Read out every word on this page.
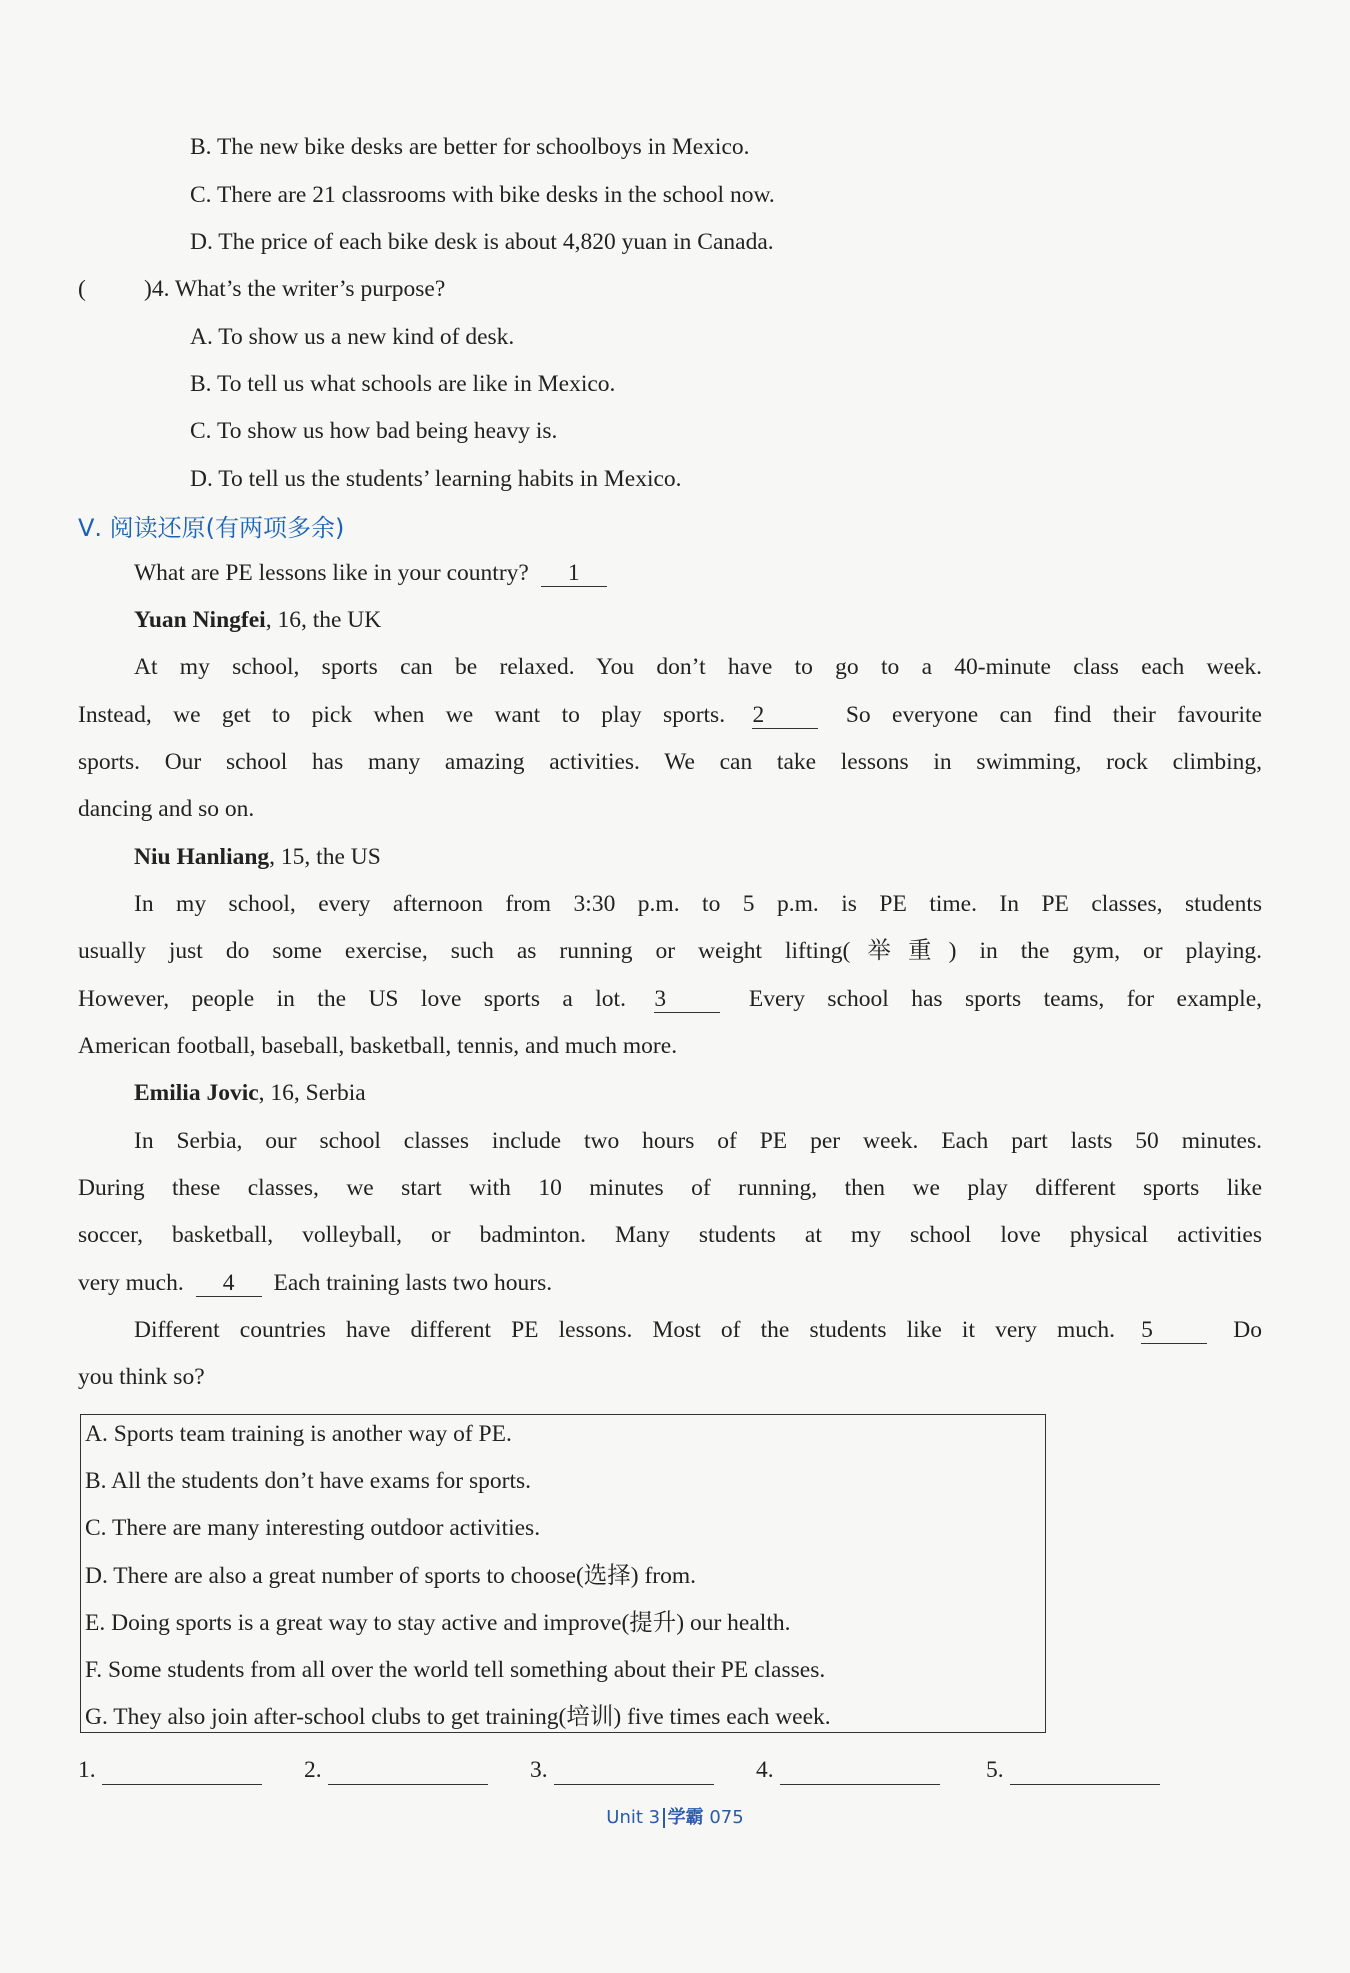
B. The new bike desks are better for schoolboys in Mexico.
C. There are 21 classrooms with bike desks in the school now.
D. The price of each bike desk is about 4,820 yuan in Canada.
( )4. What’s the writer’s purpose?
A. To show us a new kind of desk.
B. To tell us what schools are like in Mexico.
C. To show us how bad being heavy is.
D. To tell us the students’ learning habits in Mexico.
Ⅴ. 阅读还原(有两项多余)
What are PE lessons like in your country? 1
Yuan Ningfei, 16, the UK
At my school, sports can be relaxed. You don’t have to go to a 40-minute class each week.
Instead, we get to pick when we want to play sports. 2	So everyone can find their favourite
sports. Our school has many amazing activities. We can take lessons in swimming, rock climbing,
dancing and so on.
Niu Hanliang, 15, the US
In my school, every afternoon from 3:30 p.m. to 5 p.m. is PE time. In PE classes, students
usually just do some exercise, such as running or weight lifting(举重) in the gym, or playing.
However, people in the US love sports a lot. 3	Every school has sports teams, for example,
American football, baseball, basketball, tennis, and much more.
Emilia Jovic, 16, Serbia
In Serbia, our school classes include two hours of PE per week. Each part lasts 50 minutes.
During these classes, we start with 10 minutes of running, then we play different sports like
soccer, basketball, volleyball, or badminton. Many students at my school love physical activities
very much. 4 Each training lasts two hours.
Different countries have different PE lessons. Most of the students like it very much. 5	Do
you think so?
A. Sports team training is another way of PE.
B. All the students don’t have exams for sports.
C. There are many interesting outdoor activities.
D. There are also a great number of sports to choose(选择) from.
E. Doing sports is a great way to stay active and improve(提升) our health.
F. Some students from all over the world tell something about their PE classes.
G. They also join after-school clubs to get training(培训) five times each week.
1.	2.	3.	4.	5.
Unit 3 学霸 075
